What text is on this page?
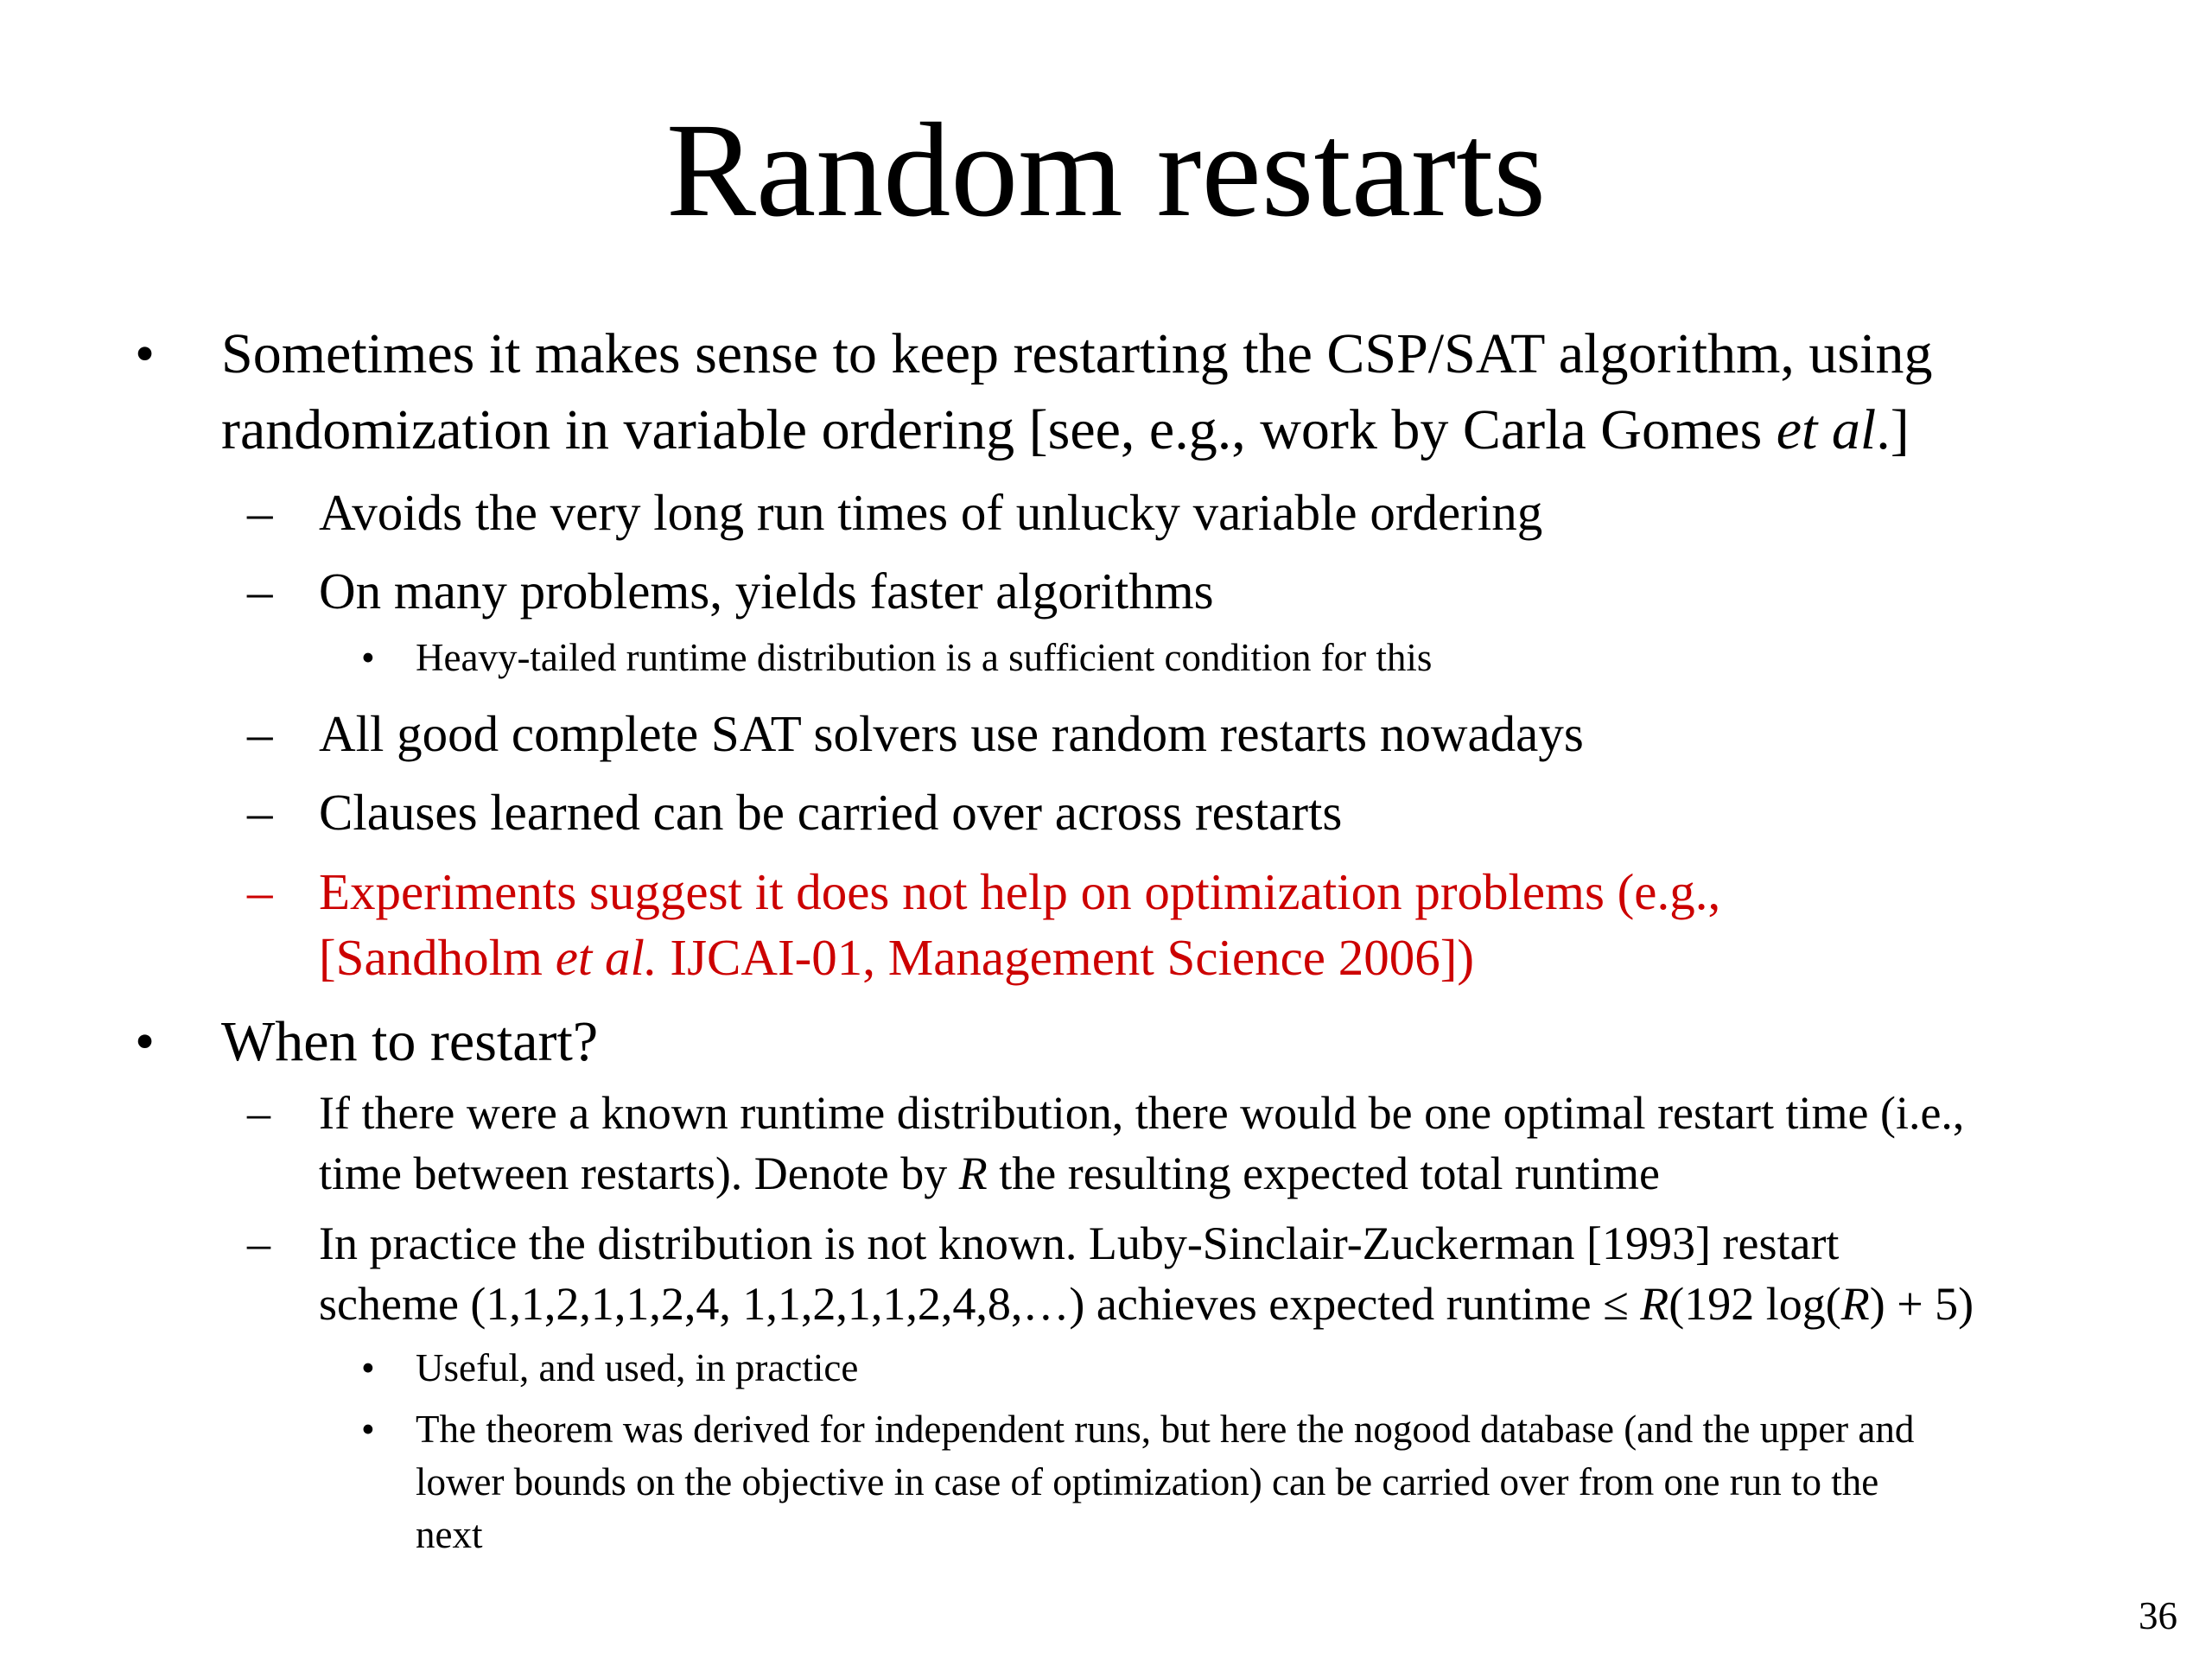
Random restarts
• Sometimes it makes sense to keep restarting the CSP/SAT algorithm, using
randomization in variable ordering [see, e.g., work by Carla Gomes et al.]
– Avoids the very long run times of unlucky variable ordering
– On many problems, yields faster algorithms
• Heavy-tailed runtime distribution is a sufficient condition for this
– All good complete SAT solvers use random restarts nowadays
– Clauses learned can be carried over across restarts
– Experiments suggest it does not help on optimization problems (e.g.,
[Sandholm et al. IJCAI-01, Management Science 2006])
• When to restart?
– If there were a known runtime distribution, there would be one optimal restart time (i.e.,
time between restarts). Denote by R the resulting expected total runtime
– In practice the distribution is not known. Luby-Sinclair-Zuckerman [1993] restart
scheme (1,1,2,1,1,2,4, 1,1,2,1,1,2,4,8,…) achieves expected runtime ≤ R(192 log(R) + 5)
• Useful, and used, in practice
• The theorem was derived for independent runs, but here the nogood database (and the upper and
lower bounds on the objective in case of optimization) can be carried over from one run to the
next
36
